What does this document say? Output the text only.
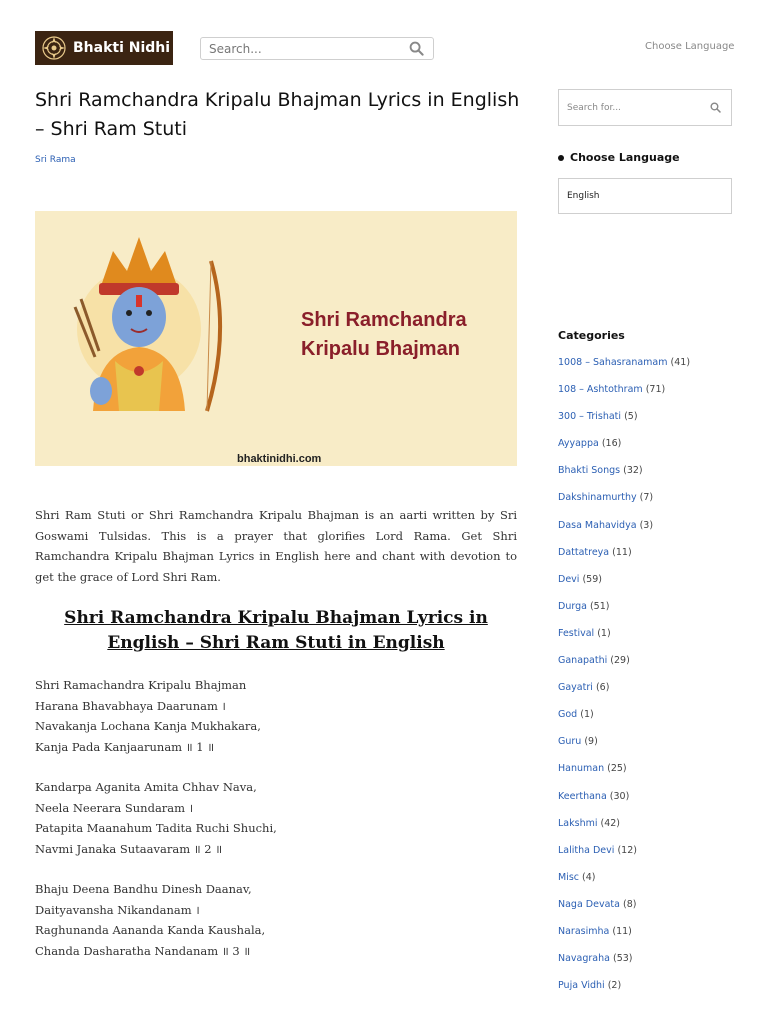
Bhakti Nidhi	Search...	Choose Language
Shri Ramchandra Kripalu Bhajman Lyrics in English – Shri Ram Stuti
Sri Rama
Shri Ramchandra
Kripalu Bhajman
bhaktinidhi.com

Shri Ram Stuti or Shri Ramchandra Kripalu Bhajman is an aarti written by Sri Goswami Tulsidas. This is a prayer that glorifies Lord Rama. Get Shri Ramchandra Kripalu Bhajman Lyrics in English here and chant with devotion to get the grace of Lord Shri Ram.

Shri Ramchandra Kripalu Bhajman Lyrics in English – Shri Ram Stuti in English
Shri Ramachandra Kripalu Bhajman
Harana Bhavabhaya Daarunam ।
Navakanja Lochana Kanja Mukhakara,
Kanja Pada Kanjaarunam ॥ 1 ॥
Kandarpa Aganita Amita Chhav Nava,
Neela Neerara Sundaram ।
Patapita Maanahum Tadita Ruchi Shuchi,
Navmi Janaka Sutaavaram ॥ 2 ॥
Bhaju Deena Bandhu Dinesh Daanav,
Daityavansha Nikandanam ।
Raghunanda Aananda Kanda Kaushala,
Chanda Dasharatha Nandanam ॥ 3 ॥
Search for...
Choose Language
English
Categories
1008 – Sahasranamam (41)
108 – Ashtothram (71)
300 – Trishati (5)
Ayyappa (16)
Bhakti Songs (32)
Dakshinamurthy (7)
Dasa Mahavidya (3)
Dattatreya (11)
Devi (59)
Durga (51)
Festival (1)
Ganapathi (29)
Gayatri (6)
God (1)
Guru (9)
Hanuman (25)
Keerthana (30)
Lakshmi (42)
Lalitha Devi (12)
Misc (4)
Naga Devata (8)
Narasimha (11)
Navagraha (53)
Puja Vidhi (2)
